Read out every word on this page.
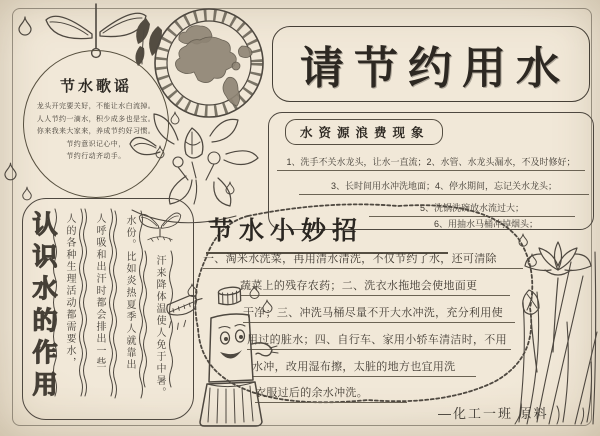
节水歌谣
龙头开完要关好，不能让水白流掉。
人人节约一滴水，积少成多也是宝。
你来我来大家来，养成节约好习惯。
节约意识记心中，
节约行动齐动手。
请节约用水
水资源浪费现象
1、洗手不关水龙头，让水一直流；2、水管、水龙头漏水，不及时修好；
3、长时间用水冲洗地面；4、停水期间，忘记关水龙头；
5、洗锅洗碗放水流过大；
6、用抽水马桶冲掉烟头；
节水小妙招
一、淘米水洗菜，再用清水清洗，不仅节约了水，还可清除
蔬菜上的残存农药；二、洗衣水拖地会使地面更
干净；三、冲洗马桶尽量不开大水冲洗，充分利用使
用过的脏水；四、自行车、家用小轿车清洁时，不用
水冲，改用湿布擦，太脏的地方也宜用洗
衣服过后的余水冲洗。
认识水的作用 人的各种生理活动都需要水，	人呼吸和出汗时都会排出一些	水份。比如炎热夏季人就靠出	汗来降体温使人免于中暑。
—化工一班 原料
